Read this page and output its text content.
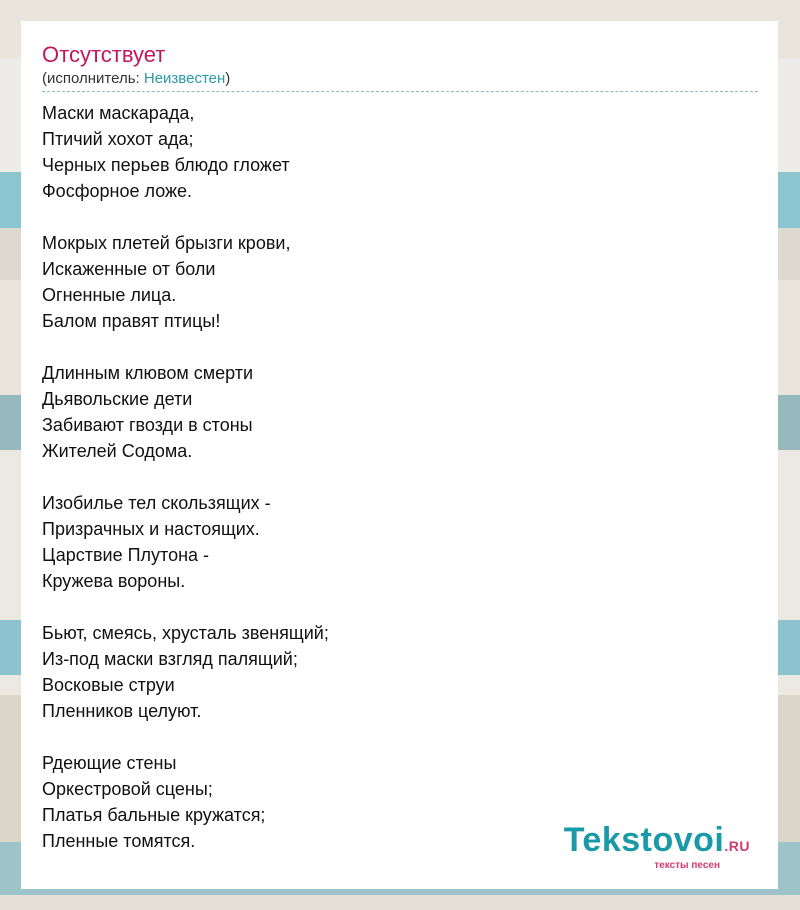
Отсутствует
(исполнитель: Неизвестен)
Маски маскарада,
Птичий хохот ада;
Черных перьев блюдо гложет
Фосфорное ложе.
Мокрых плетей брызги крови,
Искаженные от боли
Огненные лица.
Балом правят птицы!
Длинным клювом смерти
Дьявольские дети
Забивают гвозди в стоны
Жителей Содома.
Изобилье тел скользящих -
Призрачных и настоящих.
Царствие Плутона -
Кружева вороны.
Бьют, смеясь, хрусталь звенящий;
Из-под маски взгляд палящий;
Восковые струи
Пленников целуют.
Рдеющие стены
Оркестровой сцены;
Платья бальные кружатся;
Пленные томятся.	Tekstovoi.RU
тексты песен
